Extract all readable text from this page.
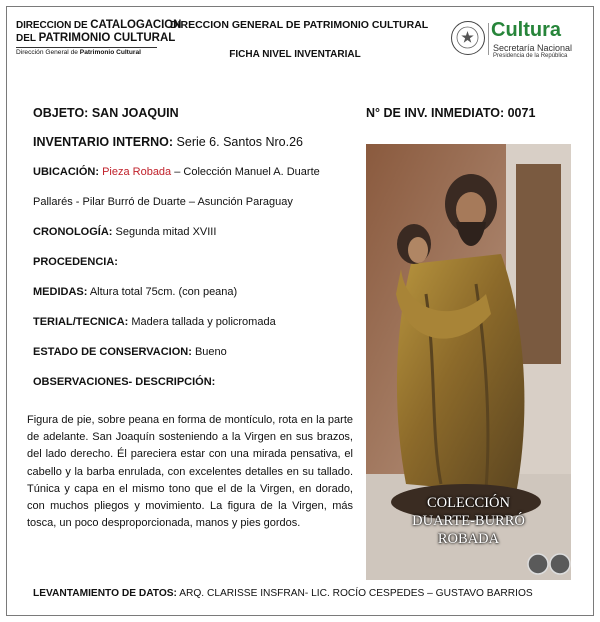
DIRECCION DE CATALOGACION
DEL PATRIMONIO CULTURAL
Dirección General de Patrimonio Cultural
DIRECCION GENERAL DE PATRIMONIO CULTURAL
FICHA NIVEL INVENTARIAL
Cultura
Secretaría Nacional
Presidencia de la República
OBJETO: SAN JOAQUIN	N° DE INV. INMEDIATO: 0071
INVENTARIO INTERNO: Serie 6. Santos Nro.26
UBICACIÓN: Pieza Robada – Colección Manuel A. Duarte
Pallarés - Pilar Burró de Duarte – Asunción Paraguay
CRONOLOGÍA: Segunda mitad XVIII
PROCEDENCIA:
MEDIDAS: Altura total 75cm. (con peana)
TERIAL/TECNICA: Madera tallada y policromada
ESTADO DE CONSERVACION: Bueno
OBSERVACIONES- DESCRIPCIÓN:
Figura de pie, sobre peana en forma de montículo, rota en la parte de adelante. San Joaquín sosteniendo a la Virgen en sus brazos, del lado derecho. Él pareciera estar con una mirada pensativa, el cabello y la barba enrulada, con excelentes detalles en su tallado. Túnica y capa en el mismo tono que el de la Virgen, en dorado, con muchos pliegos y movimiento. La figura de la Virgen, más tosca, un poco desproporcionada, manos y pies gordos.
COLECCIÓN
DUARTE-BURRÓ
ROBADA
LEVANTAMIENTO DE DATOS: ARQ. CLARISSE INSFRAN- LIC. ROCÍO CESPEDES – GUSTAVO BARRIOS
